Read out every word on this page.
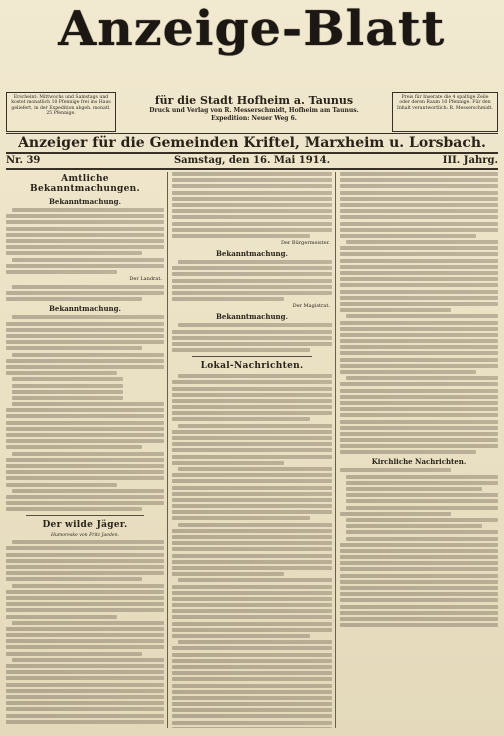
Anzeige-Blatt
Erscheint: Mittwochs und Samstags und kostet monatlich 10 Pfennige frei ins Haus geliefert, in der Expedition abgeh. monatl. 25 Pfennige.
für die Stadt Hofheim a. Taunus
Druck und Verlag von R. Messerschmidt, Hofheim am Taunus.
Expedition: Neuer Weg 6.
Preis für Inserate die 4 spaltige Zeile oder deren Raum 10 Pfennige. Für den Inhalt verantwortlich: R. Messerschmidt.
Anzeiger für die Gemeinden Kriftel, Marxheim u. Lorsbach.
Nr. 39	Samstag, den 16. Mai 1914.	III. Jahrg.
Amtliche Bekanntmachungen.
Bekanntmachung.
Der Landrat.
Bekanntmachung.
Der wilde Jäger.
Humoreske von Fritz Jaeden.
Der Bürgermeister.
Bekanntmachung.
Der Magistrat.
Bekanntmachung.
Lokal-Nachrichten.
Kirchliche Nachrichten.
